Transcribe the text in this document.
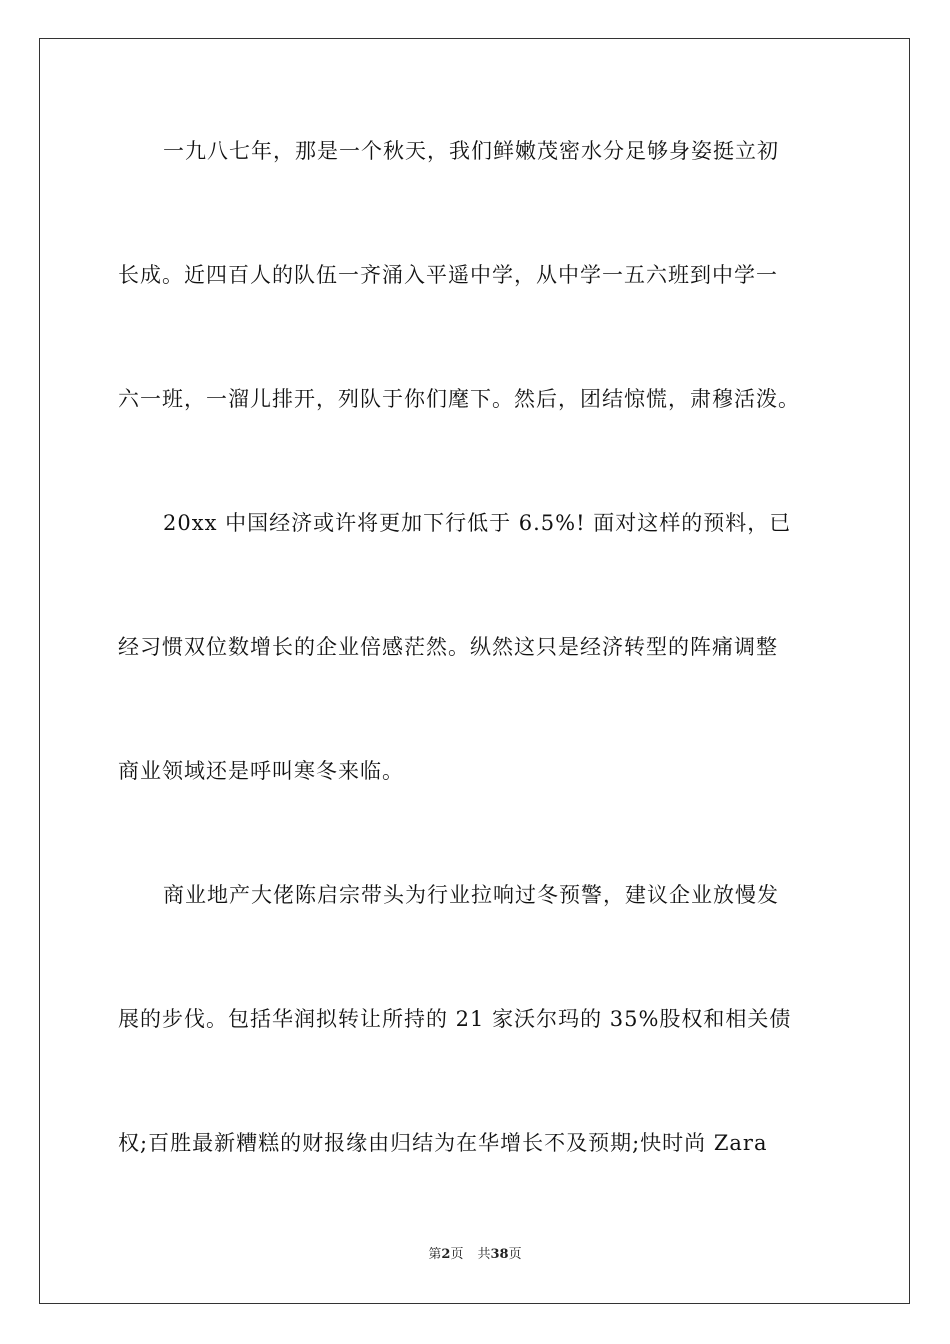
一九八七年，那是一个秋天，我们鲜嫩茂密水分足够身姿挺立初
长成。近四百人的队伍一齐涌入平遥中学，从中学一五六班到中学一
六一班，一溜儿排开，列队于你们麾下。然后，团结惊慌，肃穆活泼。
20xx 中国经济或许将更加下行低于 6.5%! 面对这样的预料，已
经习惯双位数增长的企业倍感茫然。纵然这只是经济转型的阵痛调整
商业领域还是呼叫寒冬来临。
商业地产大佬陈启宗带头为行业拉响过冬预警，建议企业放慢发
展的步伐。包括华润拟转让所持的 21 家沃尔玛的 35%股权和相关债
权;百胜最新糟糕的财报缘由归结为在华增长不及预期;快时尚 Zara
第2页 共38页
